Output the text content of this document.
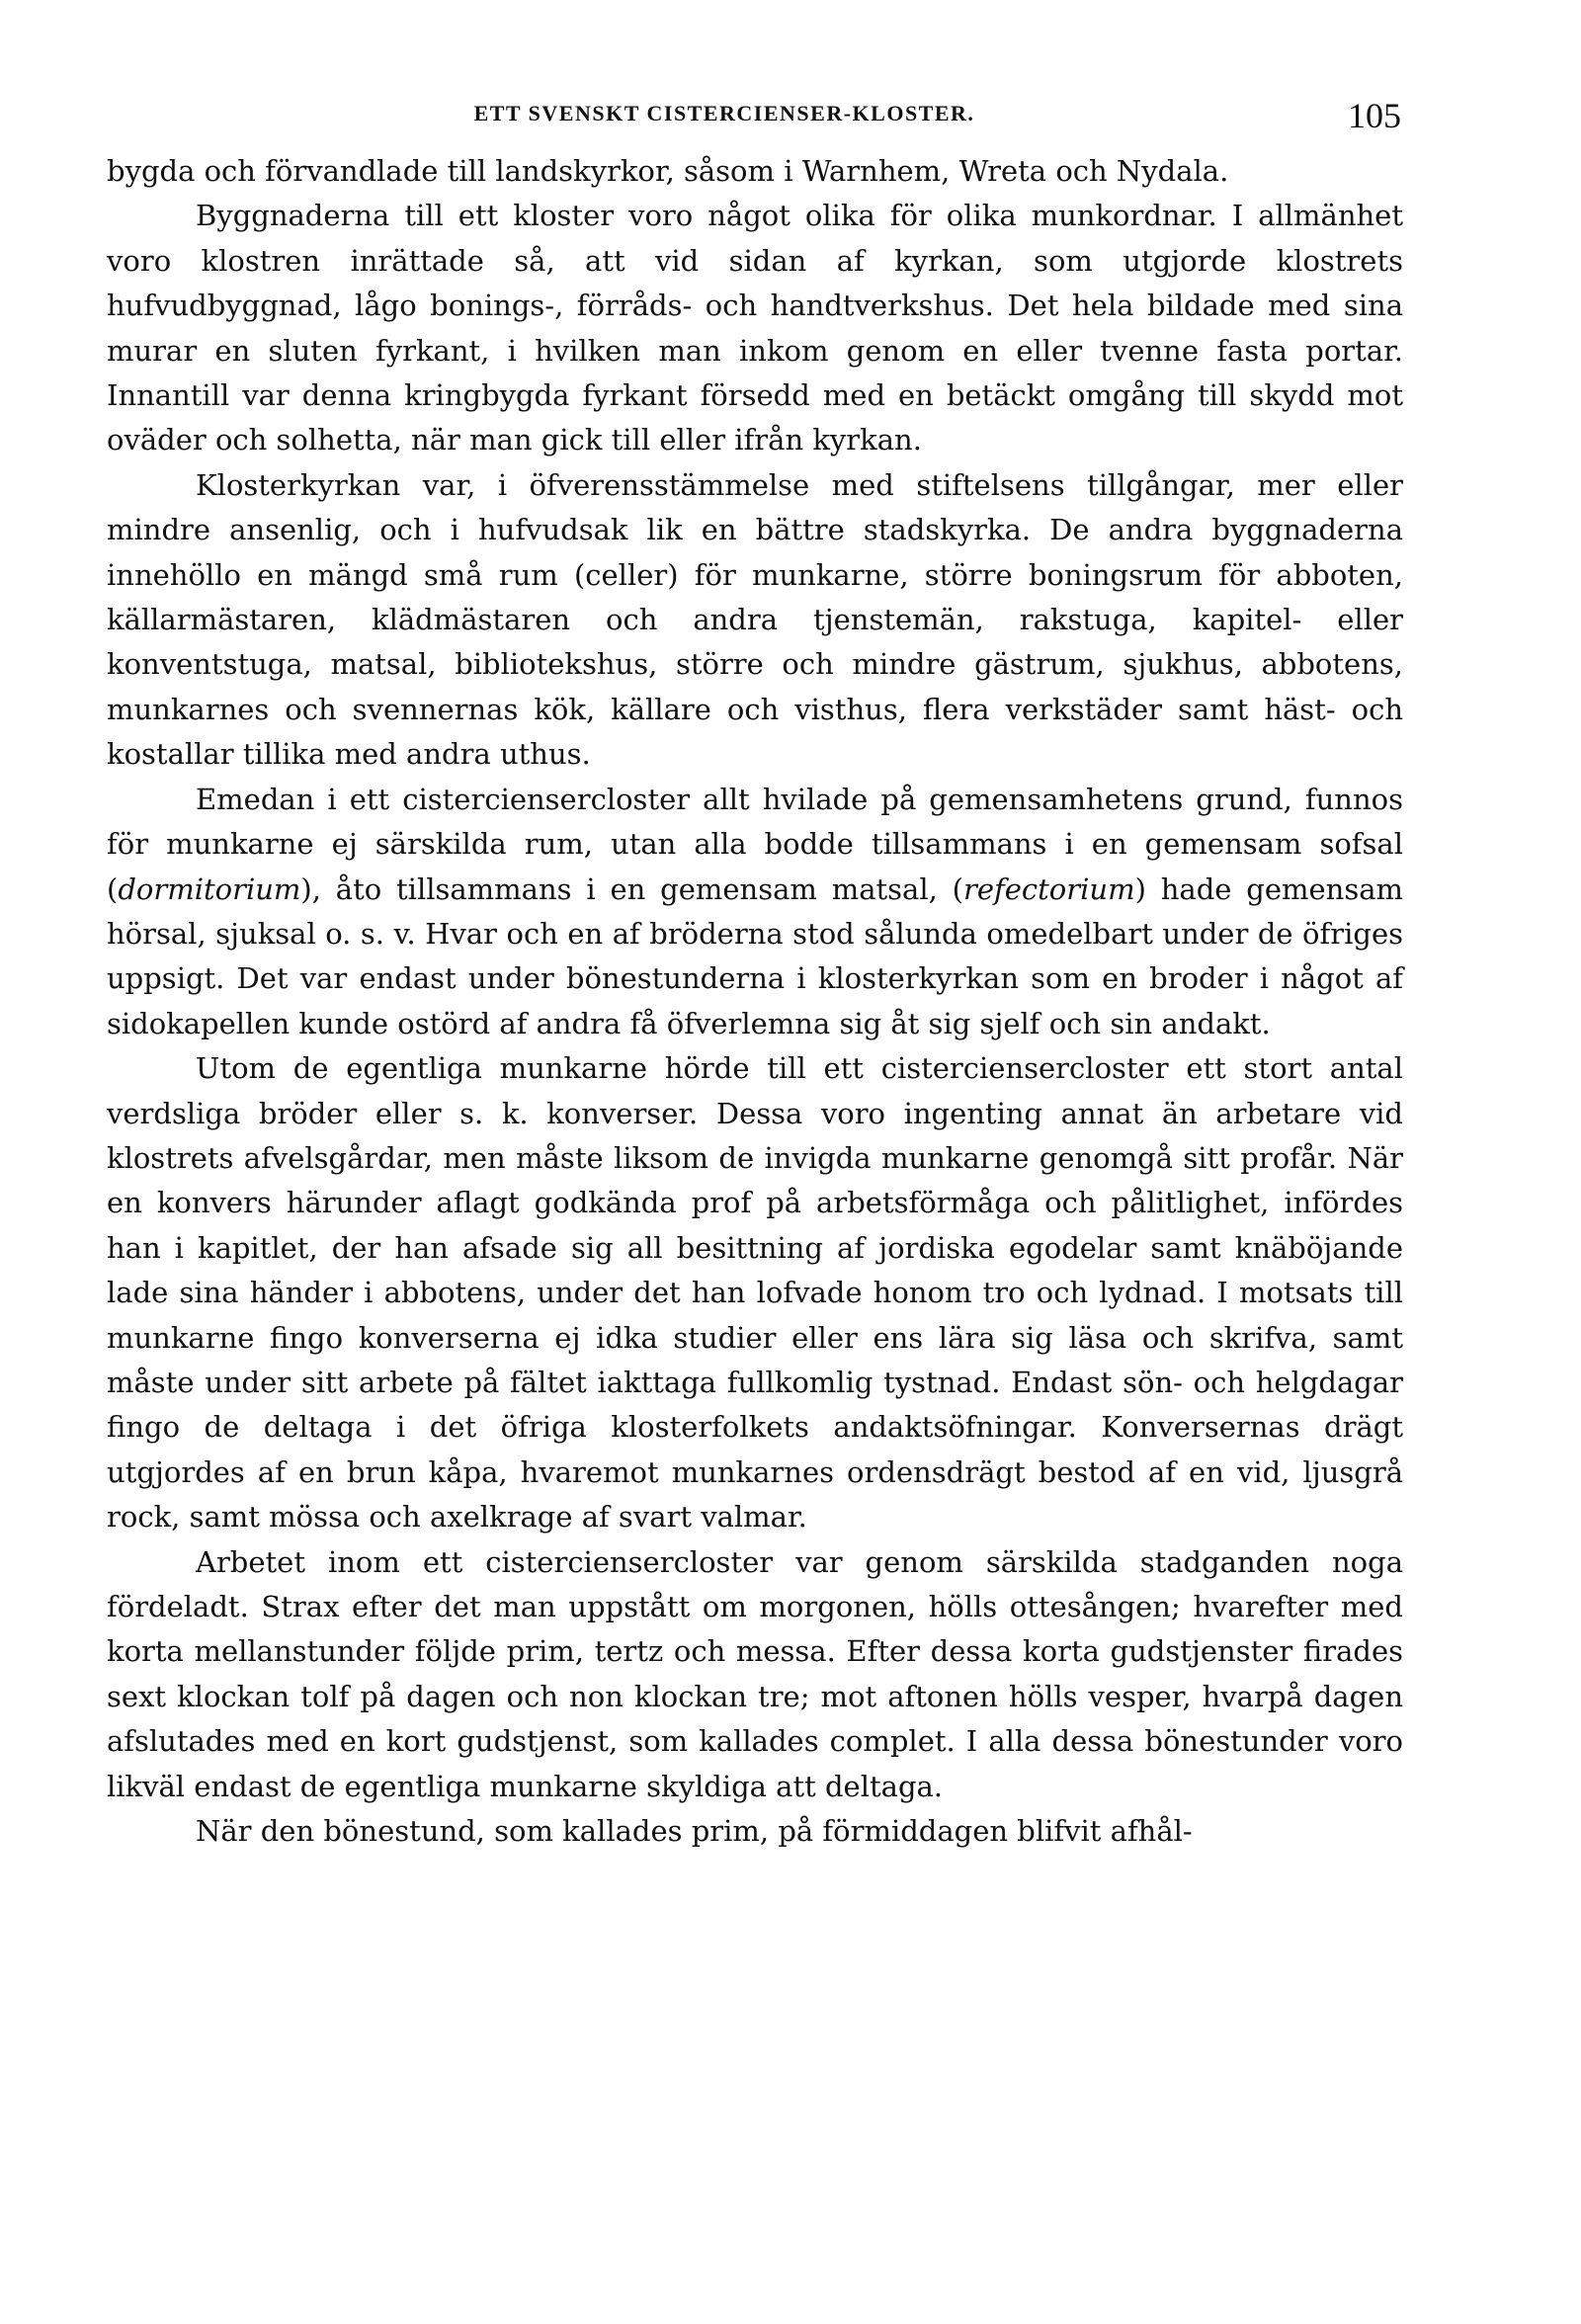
ETT SVENSKT CISTERCIENSER-KLOSTER.	105

bygda och förvandlade till landskyrkor, såsom i Warnhem, Wreta och Nydala.

Byggnaderna till ett kloster voro något olika för olika munkordnar. I allmänhet voro klostren inrättade så, att vid sidan af kyrkan, som utgjorde klostrets hufvudbyggnad, lågo bonings-, förråds- och handtverkshus. Det hela bildade med sina murar en sluten fyrkant, i hvilken man inkom genom en eller tvenne fasta portar. Innantill var denna kringbygda fyrkant försedd med en betäckt omgång till skydd mot oväder och solhetta, när man gick till eller ifrån kyrkan.

Klosterkyrkan var, i öfverensstämmelse med stiftelsens tillgångar, mer eller mindre ansenlig, och i hufvudsak lik en bättre stadskyrka. De andra byggnaderna innehöllo en mängd små rum (celler) för munkarne, större boningsrum för abboten, källarmästaren, klädmästaren och andra tjenstemän, rakstuga, kapitel- eller konventstuga, matsal, bibliotekshus, större och mindre gästrum, sjukhus, abbotens, munkarnes och svennernas kök, källare och visthus, flera verkstäder samt häst- och kostallar tillika med andra uthus.

Emedan i ett cisterciensercloster allt hvilade på gemensamhetens grund, funnos för munkarne ej särskilda rum, utan alla bodde tillsammans i en gemensam sofsal (dormitorium), åto tillsammans i en gemensam matsal, (refectorium) hade gemensam hörsal, sjuksal o. s. v. Hvar och en af bröderna stod sålunda omedelbart under de öfriges uppsigt. Det var endast under bönestunderna i klosterkyrkan som en broder i något af sidokapellen kunde ostörd af andra få öfverlemna sig åt sig sjelf och sin andakt.

Utom de egentliga munkarne hörde till ett cisterciensercloster ett stort antal verdsliga bröder eller s. k. konverser. Dessa voro ingenting annat än arbetare vid klostrets afvelsgårdar, men måste liksom de invigda munkarne genomgå sitt profår. När en konvers härunder aflagt godkända prof på arbetsförmåga och pålitlighet, infördes han i kapitlet, der han afsade sig all besittning af jordiska egodelar samt knäböjande lade sina händer i abbotens, under det han lofvade honom tro och lydnad. I motsats till munkarne fingo konverserna ej idka studier eller ens lära sig läsa och skrifva, samt måste under sitt arbete på fältet iakttaga fullkomlig tystnad. Endast sön- och helgdagar fingo de deltaga i det öfriga klosterfolkets andaktsöfningar. Konversernas drägt utgjordes af en brun kåpa, hvaremot munkarnes ordensdrägt bestod af en vid, ljusgrå rock, samt mössa och axelkrage af svart valmar.

Arbetet inom ett cisterciensercloster var genom särskilda stadganden noga fördeladt. Strax efter det man uppstått om morgonen, hölls ottesången; hvarefter med korta mellanstunder följde prim, tertz och messa. Efter dessa korta gudstjenster firades sext klockan tolf på dagen och non klockan tre; mot aftonen hölls vesper, hvarpå dagen afslutades med en kort gudstjenst, som kallades complet. I alla dessa bönestunder voro likväl endast de egentliga munkarne skyldiga att deltaga.

När den bönestund, som kallades prim, på förmiddagen blifvit afhål-
